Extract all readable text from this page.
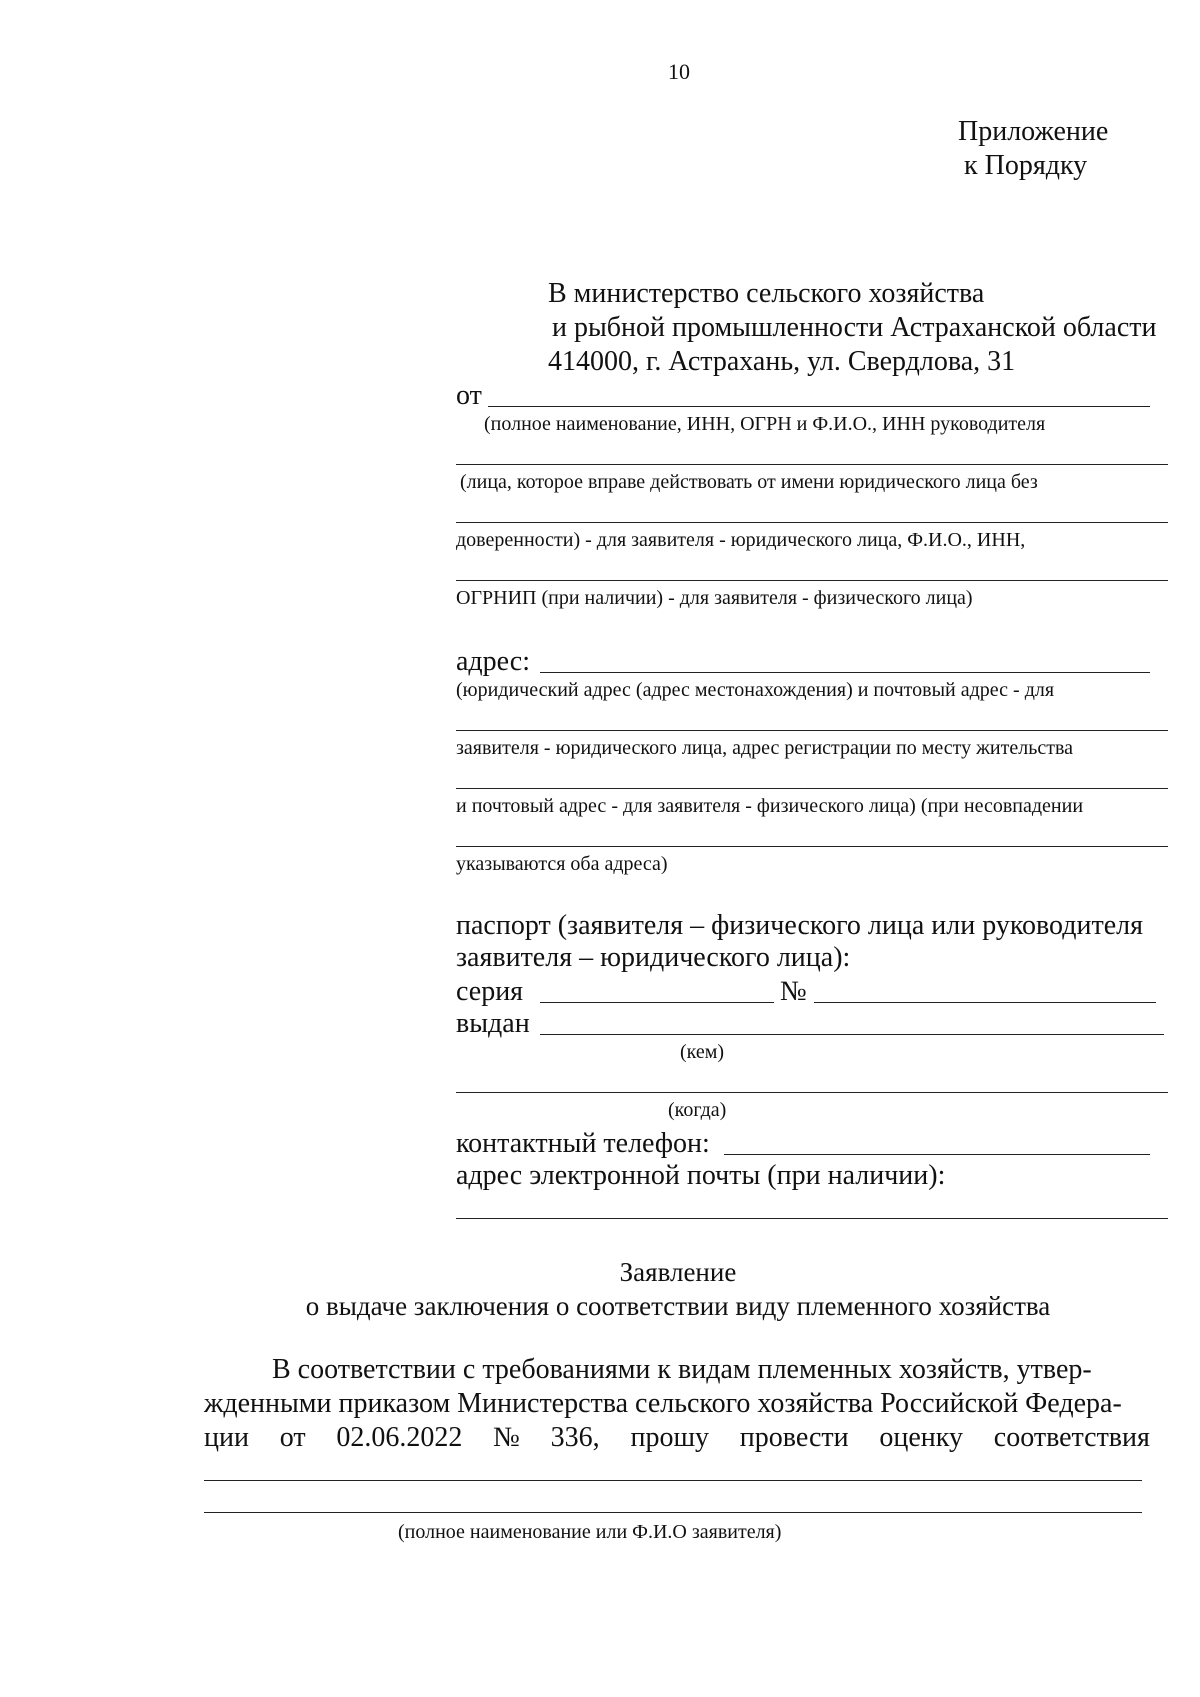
10
Приложение
к Порядку
В министерство сельского хозяйства
и рыбной промышленности Астраханской области
414000, г. Астрахань, ул. Свердлова, 31
от
(полное наименование, ИНН, ОГРН и Ф.И.О., ИНН руководителя
(лица, которое вправе действовать от имени юридического лица без
доверенности) - для заявителя - юридического лица, Ф.И.О., ИНН,
ОГРНИП (при наличии) - для заявителя - физического лица)
адрес:
(юридический адрес (адрес местонахождения) и почтовый адрес - для
заявителя - юридического лица, адрес регистрации по месту жительства
и почтовый адрес - для заявителя - физического лица) (при несовпадении
указываются оба адреса)
паспорт (заявителя – физического лица или руководителя
заявителя – юридического лица):
серия	№
выдан
(кем)
(когда)
контактный телефон:
адрес электронной почты (при наличии):
Заявление
о выдаче заключения о соответствии виду племенного хозяйства
В соответствии с требованиями к видам племенных хозяйств, утвер-
жденными приказом Министерства сельского хозяйства Российской Федера-
ции от 02.06.2022 № 336, прошу провести оценку соответствия
(полное наименование или Ф.И.О заявителя)
